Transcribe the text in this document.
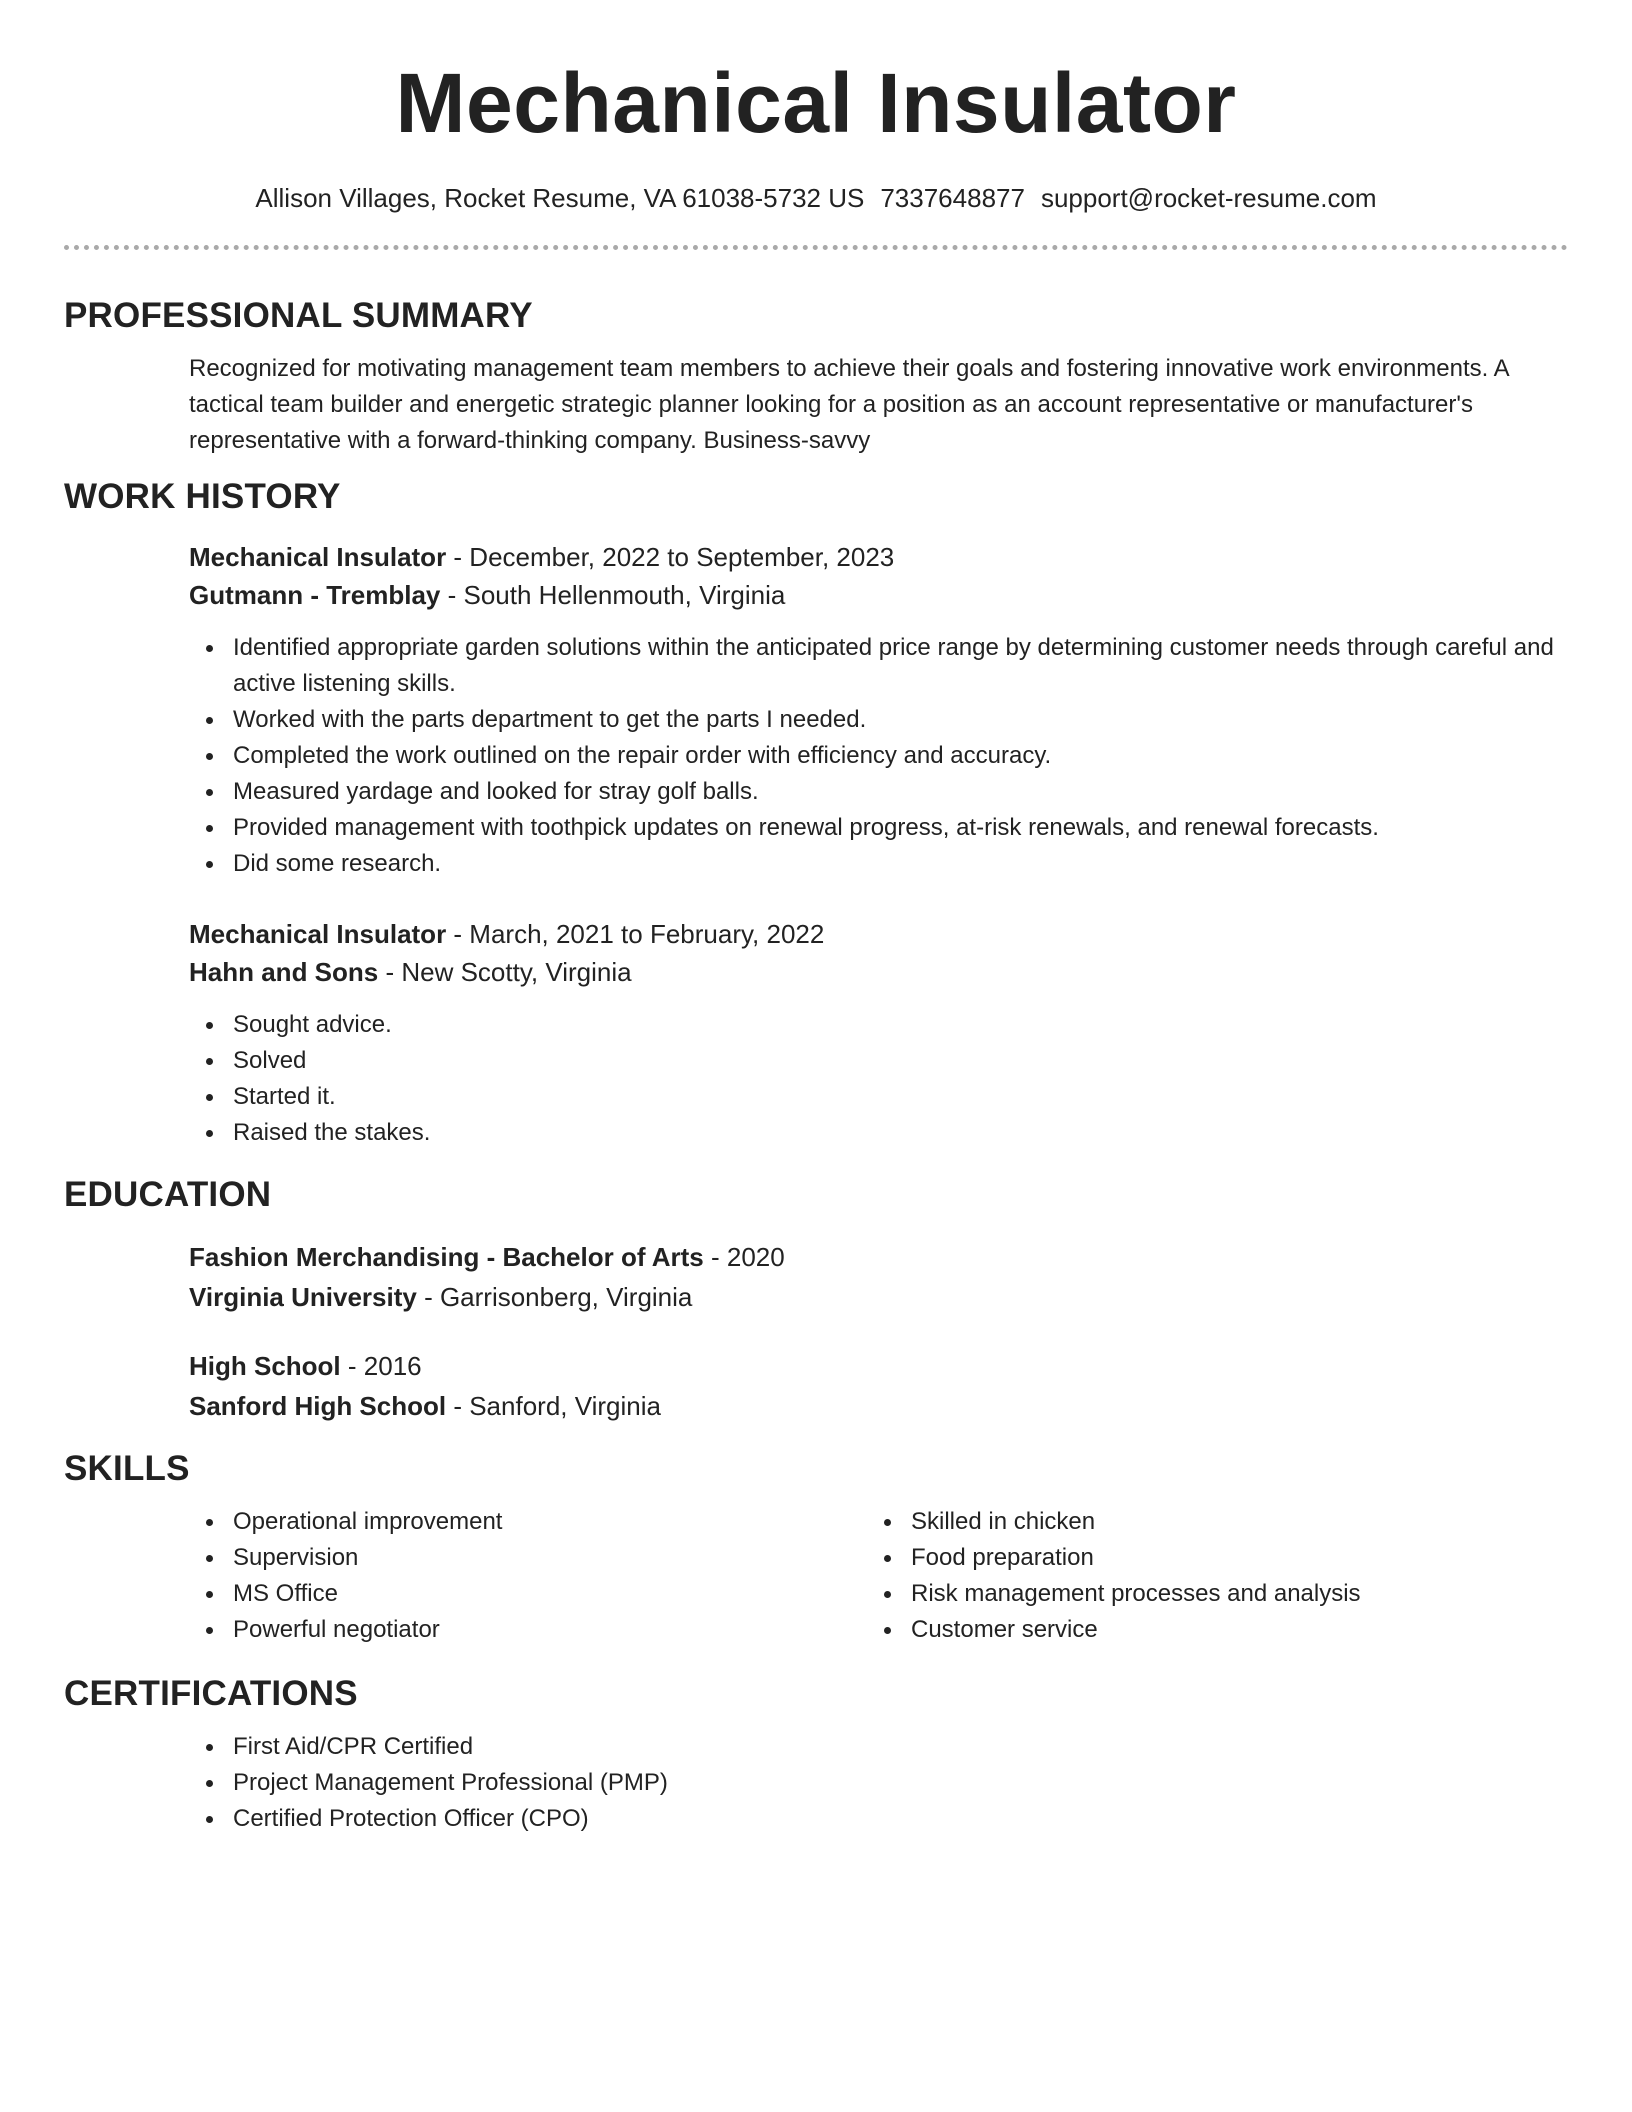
Mechanical Insulator
Allison Villages, Rocket Resume, VA 61038-5732 US 7337648877 support@rocket-resume.com
PROFESSIONAL SUMMARY

Recognized for motivating management team members to achieve their goals and fostering innovative work environments. A tactical team builder and energetic strategic planner looking for a position as an account representative or manufacturer's representative with a forward-thinking company. Business-savvy

WORK HISTORY
Mechanical Insulator - December, 2022 to September, 2023
Gutmann - Tremblay - South Hellenmouth, Virginia
Identified appropriate garden solutions within the anticipated price range by determining customer needs through careful and active listening skills.
Worked with the parts department to get the parts I needed.
Completed the work outlined on the repair order with efficiency and accuracy.
Measured yardage and looked for stray golf balls.
Provided management with toothpick updates on renewal progress, at-risk renewals, and renewal forecasts.
Did some research.
Mechanical Insulator - March, 2021 to February, 2022
Hahn and Sons - New Scotty, Virginia
Sought advice.
Solved
Started it.
Raised the stakes.
EDUCATION
Fashion Merchandising - Bachelor of Arts - 2020
Virginia University - Garrisonberg, Virginia
High School - 2016
Sanford High School - Sanford, Virginia
SKILLS
Operational improvement
Supervision
MS Office
Powerful negotiator
Skilled in chicken
Food preparation
Risk management processes and analysis
Customer service
CERTIFICATIONS
First Aid/CPR Certified
Project Management Professional (PMP)
Certified Protection Officer (CPO)
